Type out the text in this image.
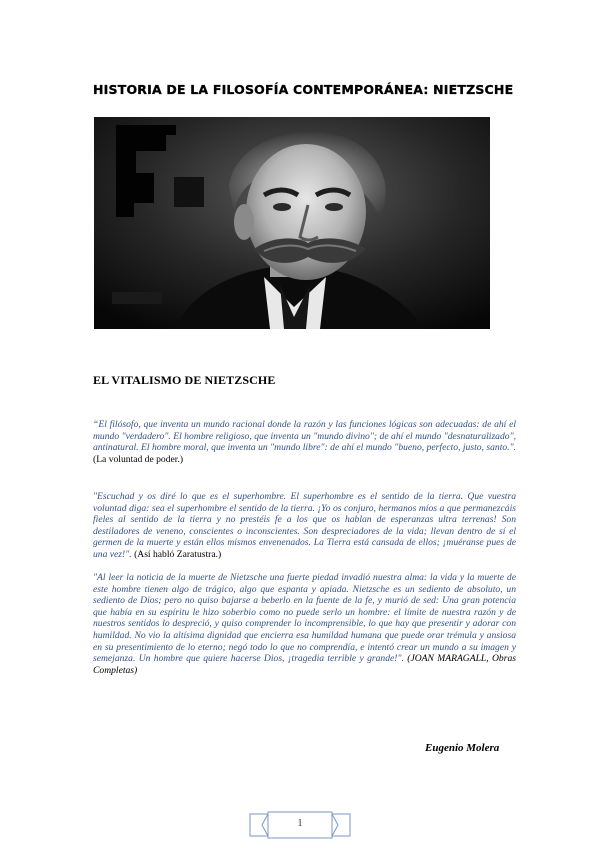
HISTORIA DE LA FILOSOFÍA CONTEMPORÁNEA: NIETZSCHE
EL VITALISMO DE NIETZSCHE
“El filósofo, que inventa un mundo racional donde la razón y las funciones lógicas son adecuadas: de ahí el mundo "verdadero". El hombre religioso, que inventa un "mundo divino"; de ahí el mundo "desnaturalizado", antinatural. El hombre moral, que inventa un "mundo libre": de ahí el mundo "bueno, perfecto, justo, santo.". (La voluntad de poder.)
"Escuchad y os diré lo que es el superhombre. El superhombre es el sentido de la tierra. Que vuestra voluntad diga: sea el superhombre el sentido de la tierra. ¡Yo os conjuro, hermanos míos a que permanezcáis fieles al sentido de la tierra y no prestéis fe a los que os hablan de esperanzas ultra terrenas! Son destiladores de veneno, conscientes o inconscientes. Son despreciadores de la vida; llevan dentro de sí el germen de la muerte y están ellos mismos envenenados. La Tierra está cansada de ellos; ¡muéranse pues de una vez!". (Así habló Zaratustra.)
"Al leer la noticia de la muerte de Nietzsche una fuerte piedad invadió nuestra alma: la vida y la muerte de este hombre tienen algo de trágico, algo que espanta y apiada. Nietzsche es un sediento de absoluto, un sediento de Dios; pero no quiso bajarse a beberlo en la fuente de la fe, y murió de sed: Una gran potencia que había en su espíritu le hizo soberbio como no puede serlo un hombre: el límite de nuestra razón y de nuestros sentidos lo despreció, y quiso comprender lo incomprensible, lo que hay que presentir y adorar con humildad. No vio la altísima dignidad que encierra esa humildad humana que puede orar trémula y ansiosa en su presentimiento de lo eterno; negó todo lo que no comprendía, e intentó crear un mundo a su imagen y semejanza. Un hombre que quiere hacerse Dios, ¡tragedia terrible y grande!". (JOAN MARAGALL, Obras Completas)
Eugenio Molera
1
